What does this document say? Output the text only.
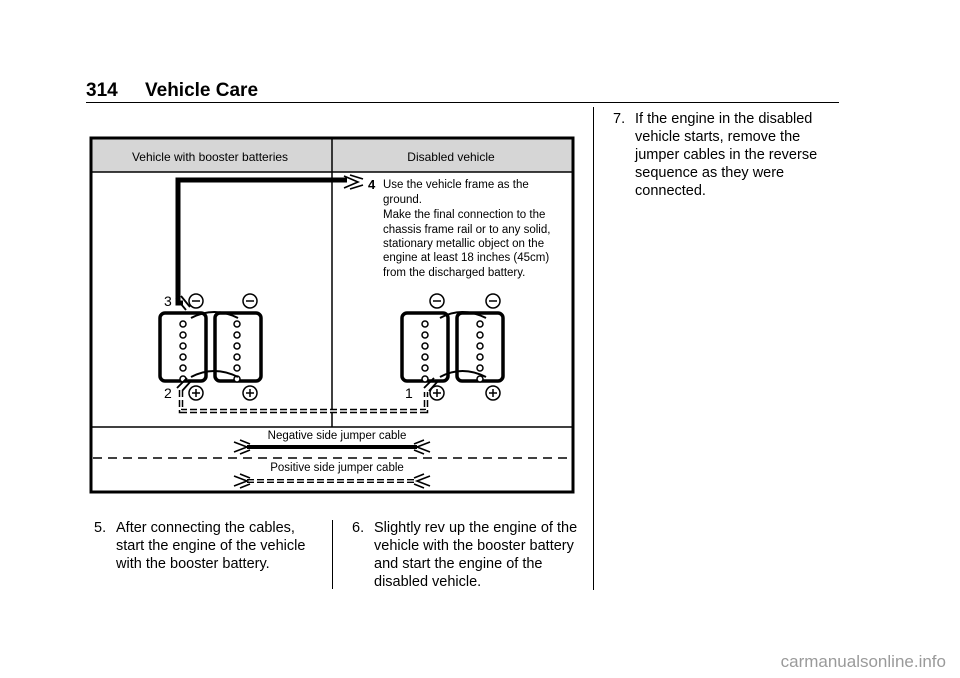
314 Vehicle Care
Vehicle with booster batteries	Disabled vehicle
4 Use the vehicle frame as the
ground.
Make the final connection to the
chassis frame rail or to any solid,
stationary metallic object on the
engine at least 18 inches (45cm)
from the discharged battery.
3
2	1
Negative side jumper cable
Positive side jumper cable
5. After connecting the cables, start the engine of the vehicle with the booster battery.
6. Slightly rev up the engine of the vehicle with the booster battery and start the engine of the disabled vehicle.
7. If the engine in the disabled vehicle starts, remove the jumper cables in the reverse sequence as they were connected.
carmanualsonline.info
